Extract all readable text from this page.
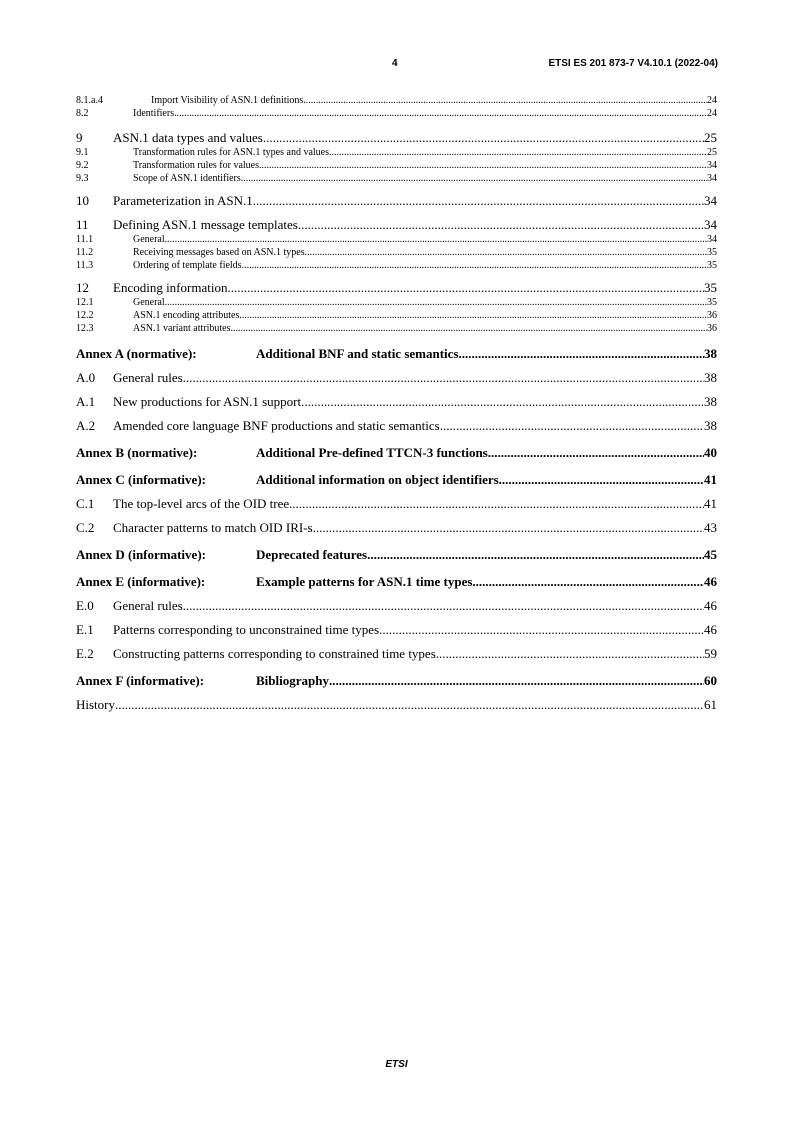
4	ETSI ES 201 873-7 V4.10.1 (2022-04)
8.1.a.4	Import Visibility of ASN.1 definitions .....	24
8.2	Identifiers .....	24
9	ASN.1 data types and values .....	25
9.1	Transformation rules for ASN.1 types and values .....	25
9.2	Transformation rules for values .....	34
9.3	Scope of ASN.1 identifiers .....	34
10	Parameterization in ASN.1 .....	34
11	Defining ASN.1 message templates .....	34
11.1	General .....	34
11.2	Receiving messages based on ASN.1 types .....	35
11.3	Ordering of template fields .....	35
12	Encoding information .....	35
12.1	General .....	35
12.2	ASN.1 encoding attributes .....	36
12.3	ASN.1 variant attributes .....	36
Annex A (normative):	Additional BNF and static semantics .....	38
A.0	General rules .....	38
A.1	New productions for ASN.1 support .....	38
A.2	Amended core language BNF productions and static semantics .....	38
Annex B (normative):	Additional Pre-defined TTCN-3 functions .....	40
Annex C (informative):	Additional information on object identifiers .....	41
C.1	The top-level arcs of the OID tree .....	41
C.2	Character patterns to match OID IRI-s .....	43
Annex D (informative):	Deprecated features .....	45
Annex E (informative):	Example patterns for ASN.1 time types .....	46
E.0	General rules .....	46
E.1	Patterns corresponding to unconstrained time types .....	46
E.2	Constructing patterns corresponding to constrained time types .....	59
Annex F (informative):	Bibliography .....	60
History .....	61
ETSI
